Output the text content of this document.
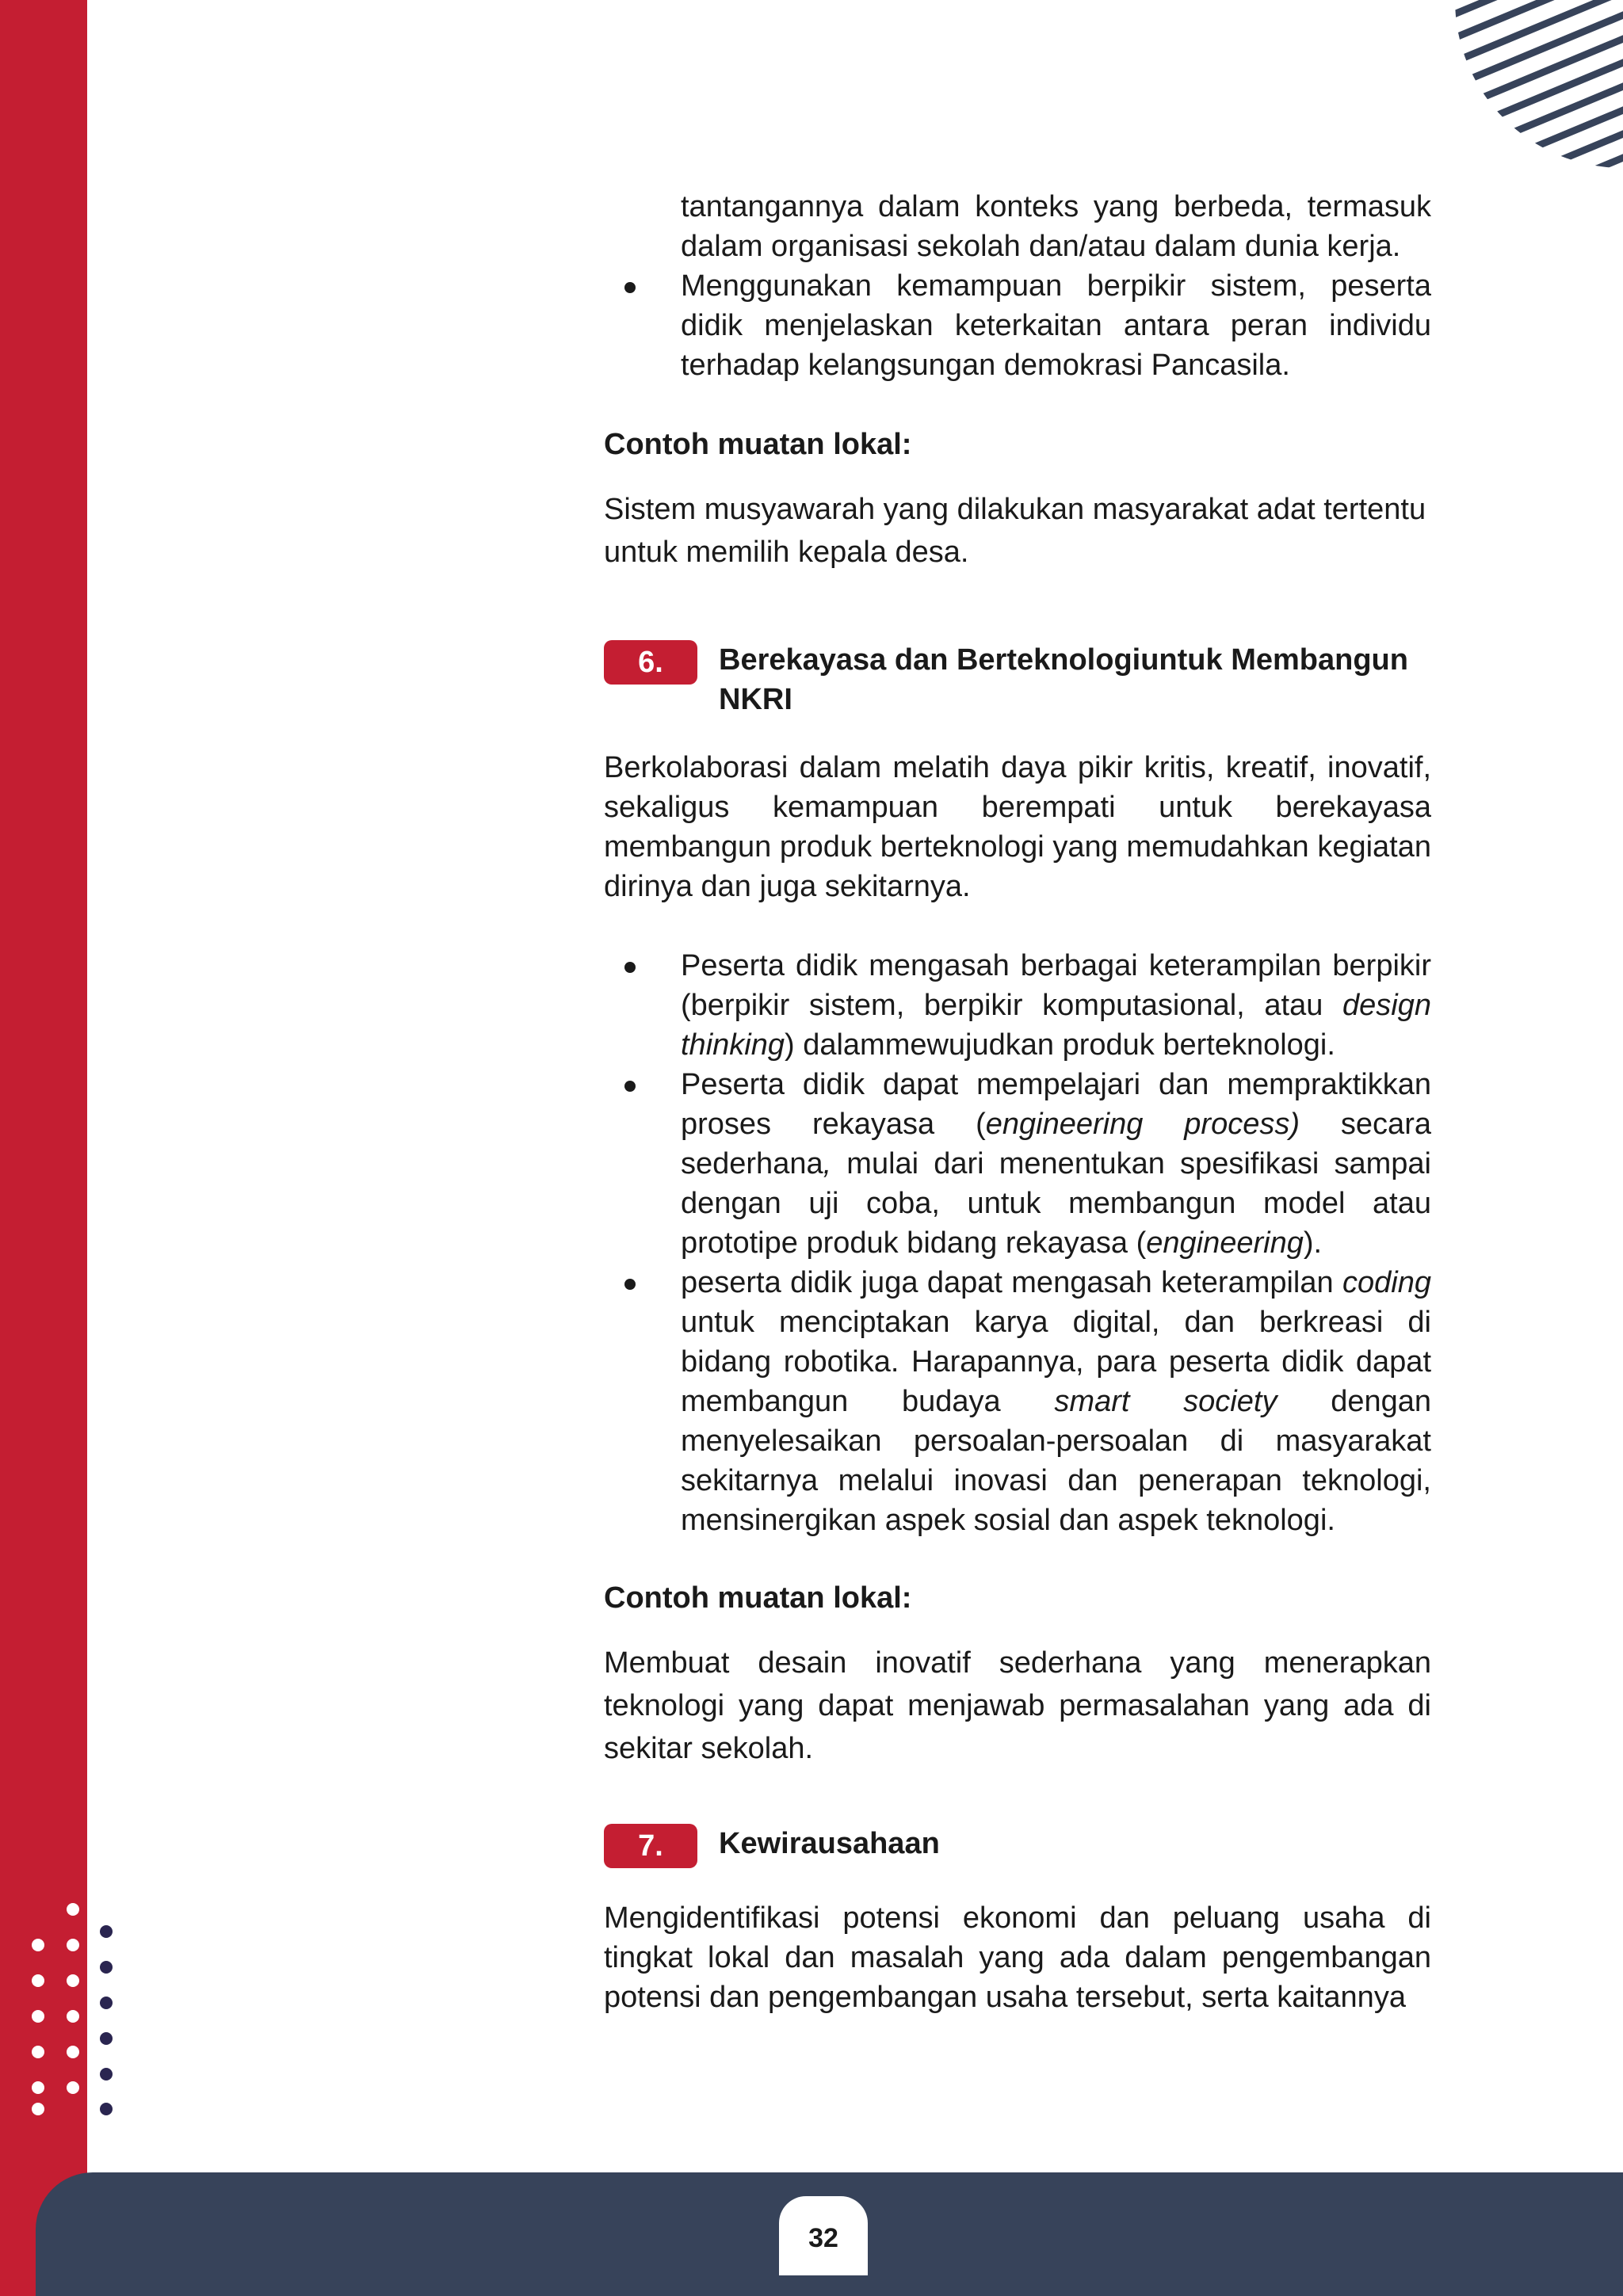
32
tantangannya dalam konteks yang berbeda, termasuk dalam organisasi sekolah dan/atau dalam dunia kerja.
Menggunakan kemampuan berpikir sistem, peserta didik menjelaskan keterkaitan antara peran individu terhadap kelangsungan demokrasi Pancasila.
Contoh muatan lokal:
Sistem musyawarah yang dilakukan masyarakat adat tertentu untuk memilih kepala desa.
6.	Berekayasa dan Berteknologiuntuk Membangun NKRI
Berkolaborasi dalam melatih daya pikir kritis, kreatif, inovatif, sekaligus kemampuan berempati untuk berekayasa membangun produk berteknologi yang memudahkan kegiatan dirinya dan juga sekitarnya.
Peserta didik mengasah berbagai keterampilan berpikir (berpikir sistem, berpikir komputasional, atau design thinking) dalammewujudkan produk berteknologi.
Peserta didik dapat mempelajari dan mempraktikkan proses rekayasa (engineering process) secara sederhana, mulai dari menentukan spesifikasi sampai dengan uji coba, untuk membangun model atau prototipe produk bidang rekayasa (engineering).
peserta didik juga dapat mengasah keterampilan coding untuk menciptakan karya digital, dan berkreasi di bidang robotika. Harapannya, para peserta didik dapat membangun budaya smart society dengan menyelesaikan persoalan-persoalan di masyarakat sekitarnya melalui inovasi dan penerapan teknologi, mensinergikan aspek sosial dan aspek teknologi.
Contoh muatan lokal:
Membuat desain inovatif sederhana yang menerapkan teknologi yang dapat menjawab permasalahan yang ada di sekitar sekolah.
7.	Kewirausahaan
Mengidentifikasi potensi ekonomi dan peluang usaha di tingkat lokal dan masalah yang ada dalam pengembangan potensi dan pengembangan usaha tersebut, serta kaitannya
